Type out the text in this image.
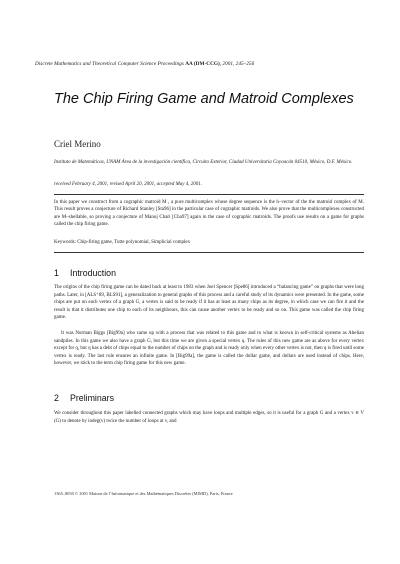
Discrete Mathematics and Theoretical Computer Science Proceedings AA (DM-CCG), 2001, 245–256
The Chip Firing Game and Matroid Complexes
Criel Merino
Instituto de Matemáticas, UNAM Área de la investigación científica, Circuito Exterior, Ciudad Universitaria Coyoacán 04510, México, D.F. México.
received February 4, 2001, revised April 20, 2001, accepted May 4, 2001.
In this paper we construct from a cographic matroid M , a pure multicomplex whose degree sequence is the h–vector of the the matroid complex of M. This result proves a conjecture of Richard Stanley [Sta96] in the particular case of cographic matroids. We also prove that the multicomplexes constructed are M–shellable, so proving a conjecture of Manoj Chari [Cha97] again in the case of cographic matroids. The proofs use results on a game for graphs called the chip firing game.
Keywords: Chip-firing game, Tutte polynomial, Simplicial complex
1 Introduction
The origins of the chip firing game can be dated back at least to 1983 when Joel Spencer [Spe86] introduced a “balancing game” on graphs that were long paths. Later, in [ALS⁺89, BLS91], a generalization to general graphs of this process and a careful study of its dynamics were presented. In the game, some chips are put on each vertex of a graph G, a vertex is said to be ready if it has at least as many chips as its degree, in which case we can fire it and the result is that it distributes one chip to each of its neighbours, this can cause another vertex to be ready and so on. This game was called the chip firing game.
It was Norman Biggs [Big99a] who came up with a process that was related to this game and to what is known in self-critical systems as Abelian sandpiles. In this game we also have a graph G, but this time we are given a special vertex q. The rules of this new game are as above for every vertex except for q, but q has a debt of chips equal to the number of chips on the graph and is ready only when every other vertex is not, then q is fired until some vertex is ready. The last rule ensures an infinite game. In [Big99a], the game is called the dollar game, and dollars are used instead of chips. Here, however, we stick to the term chip firing game for this new game.
2 Preliminars
We consider throughout this paper labelled connected graphs which may have loops and multiple edges, so it is useful for a graph G and a vertex v ∈ V (G) to denote by indeg(v) twice the number of loops at v, and
1365–8050 © 2001 Maison de l’Informatique et des Mathématiques Discrètes (MIMD), Paris, France
